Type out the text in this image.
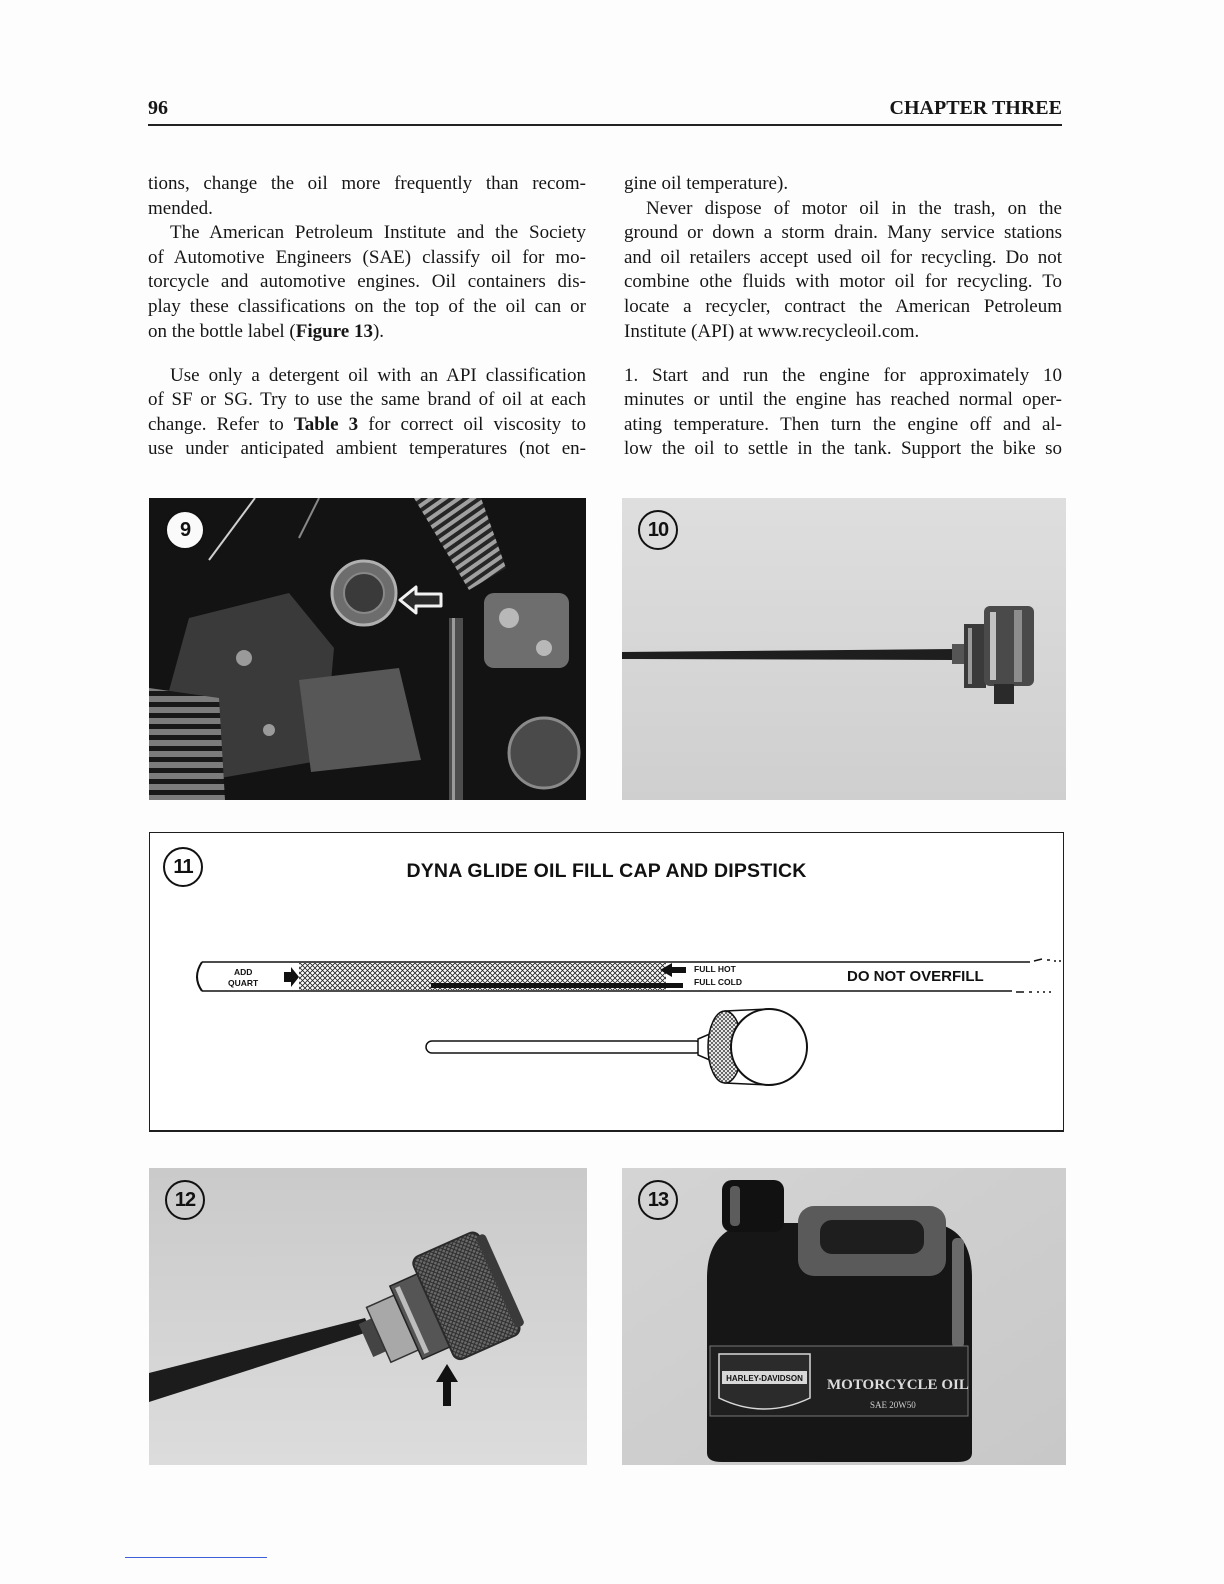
96	CHAPTER THREE
tions, change the oil more frequently than recom-
mended.
The American Petroleum Institute and the Society
of Automotive Engineers (SAE) classify oil for mo-
torcycle and automotive engines. Oil containers dis-
play these classifications on the top of the oil can or
on the bottle label (Figure 13).
Use only a detergent oil with an API classification
of SF or SG. Try to use the same brand of oil at each
change. Refer to Table 3 for correct oil viscosity to
use under anticipated ambient temperatures (not en-
gine oil temperature).
Never dispose of motor oil in the trash, on the
ground or down a storm drain. Many service stations
and oil retailers accept used oil for recycling. Do not
combine othe fluids with motor oil for recycling. To
locate a recycler, contract the American Petroleum
Institute (API) at www.recycleoil.com.
1. Start and run the engine for approximately 10
minutes or until the engine has reached normal oper-
ating temperature. Then turn the engine off and al-
low the oil to settle in the tank. Support the bike so
9	10
ADD
QUART
FULL HOT
FULL COLD	DO NOT OVERFILL
11	DYNA GLIDE OIL FILL CAP AND DIPSTICK
12
HARLEY-DAVIDSON MOTORCYCLE OIL
SAE 20W50
13
